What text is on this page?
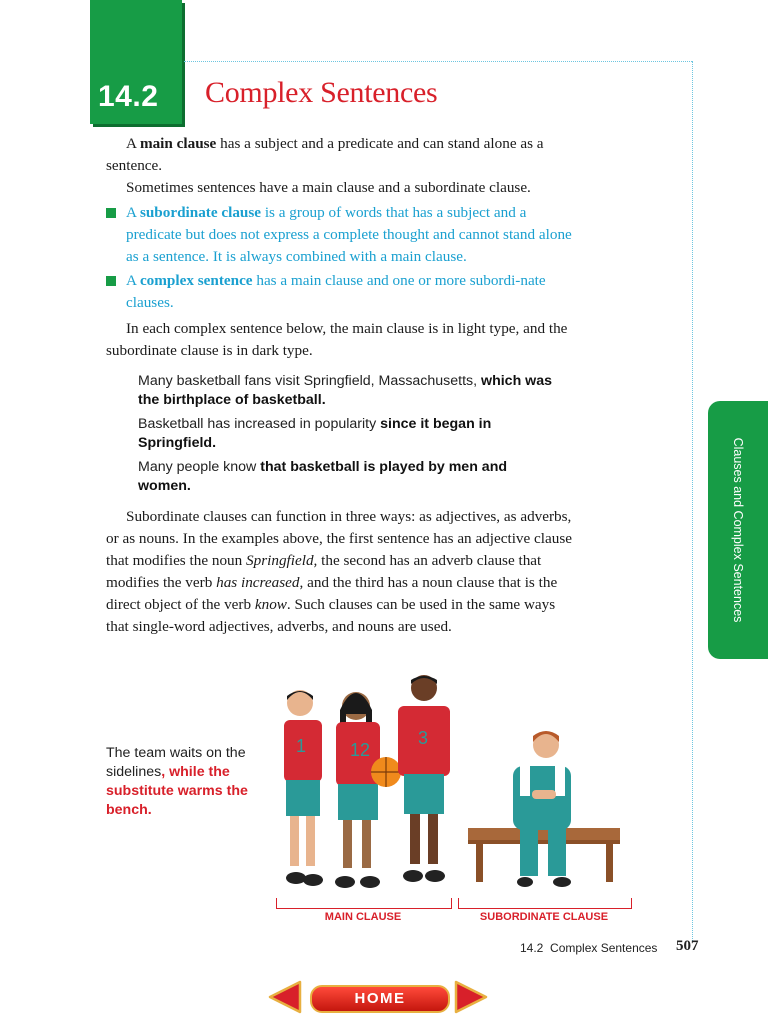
14.2 Complex Sentences
A main clause has a subject and a predicate and can stand alone as a sentence.
Sometimes sentences have a main clause and a subordinate clause.
A subordinate clause is a group of words that has a subject and a predicate but does not express a complete thought and cannot stand alone as a sentence. It is always combined with a main clause.
A complex sentence has a main clause and one or more subordi-nate clauses.
In each complex sentence below, the main clause is in light type, and the subordinate clause is in dark type.
Many basketball fans visit Springfield, Massachusetts, which was the birthplace of basketball.
Basketball has increased in popularity since it began in Springfield.
Many people know that basketball is played by men and women.
Subordinate clauses can function in three ways: as adjectives, as adverbs, or as nouns. In the examples above, the first sentence has an adjective clause that modifies the noun Springfield, the second has an adverb clause that modifies the verb has increased, and the third has a noun clause that is the direct object of the verb know. Such clauses can be used in the same ways that single-word adjectives, adverbs, and nouns are used.
Clauses and Complex Sentences
The team waits on the sidelines, while the substitute warms the bench.
1 12
3
MAIN CLAUSE	SUBORDINATE CLAUSE
14.2  Complex Sentences 507
HOME
